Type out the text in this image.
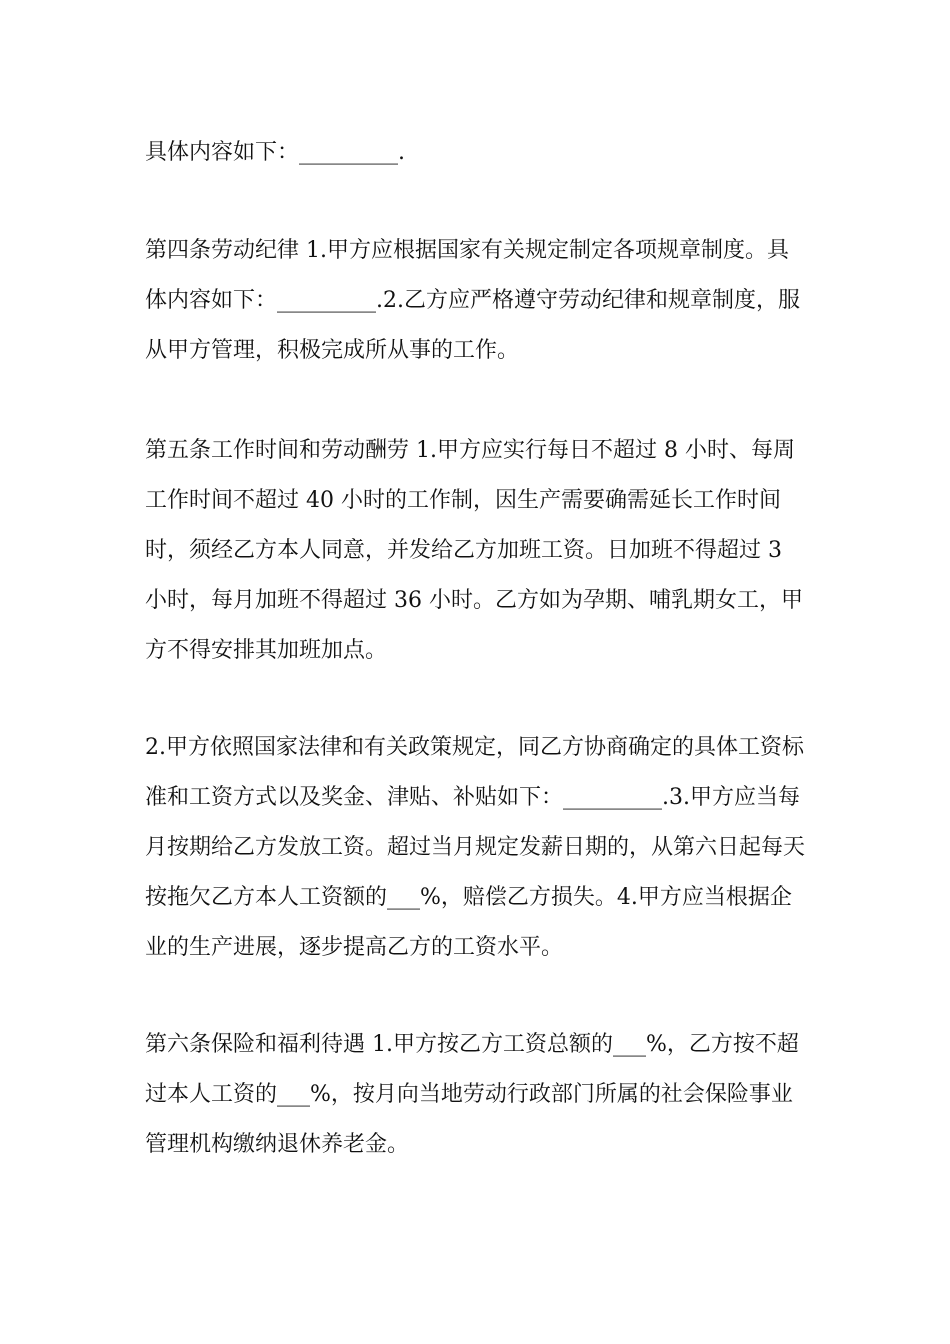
具体内容如下：_________.

第四条劳动纪律 1.甲方应根据国家有关规定制定各项规章制度。具体内容如下：_________.2.乙方应严格遵守劳动纪律和规章制度，服从甲方管理，积极完成所从事的工作。

第五条工作时间和劳动酬劳 1.甲方应实行每日不超过 8 小时、每周工作时间不超过 40 小时的工作制，因生产需要确需延长工作时间时，须经乙方本人同意，并发给乙方加班工资。日加班不得超过 3 小时，每月加班不得超过 36 小时。乙方如为孕期、哺乳期女工，甲方不得安排其加班加点。

2.甲方依照国家法律和有关政策规定，同乙方协商确定的具体工资标准和工资方式以及奖金、津贴、补贴如下：_________.3.甲方应当每月按期给乙方发放工资。超过当月规定发薪日期的，从第六日起每天按拖欠乙方本人工资额的___%，赔偿乙方损失。4.甲方应当根据企业的生产进展，逐步提高乙方的工资水平。

第六条保险和福利待遇 1.甲方按乙方工资总额的___%，乙方按不超过本人工资的___%，按月向当地劳动行政部门所属的社会保险事业管理机构缴纳退休养老金。
